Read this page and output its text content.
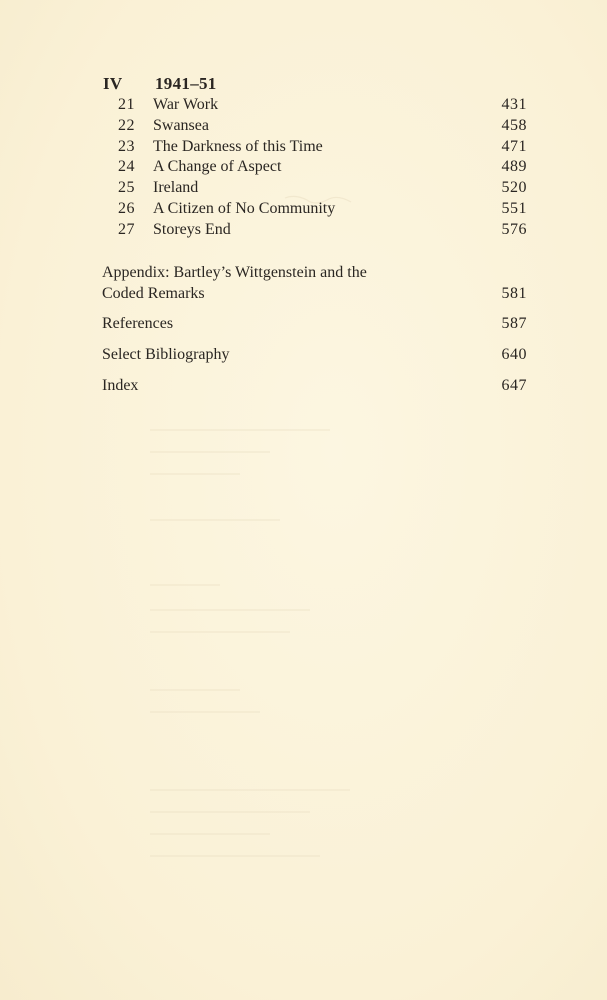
IV 1941–51
21 War Work	431
22 Swansea	458
23 The Darkness of this Time	471
24 A Change of Aspect	489
25 Ireland	520
26 A Citizen of No Community	551
27 Storeys End	576
Appendix: Bartley’s Wittgenstein and the
Coded Remarks	581
References	587
Select Bibliography	640
Index	647
